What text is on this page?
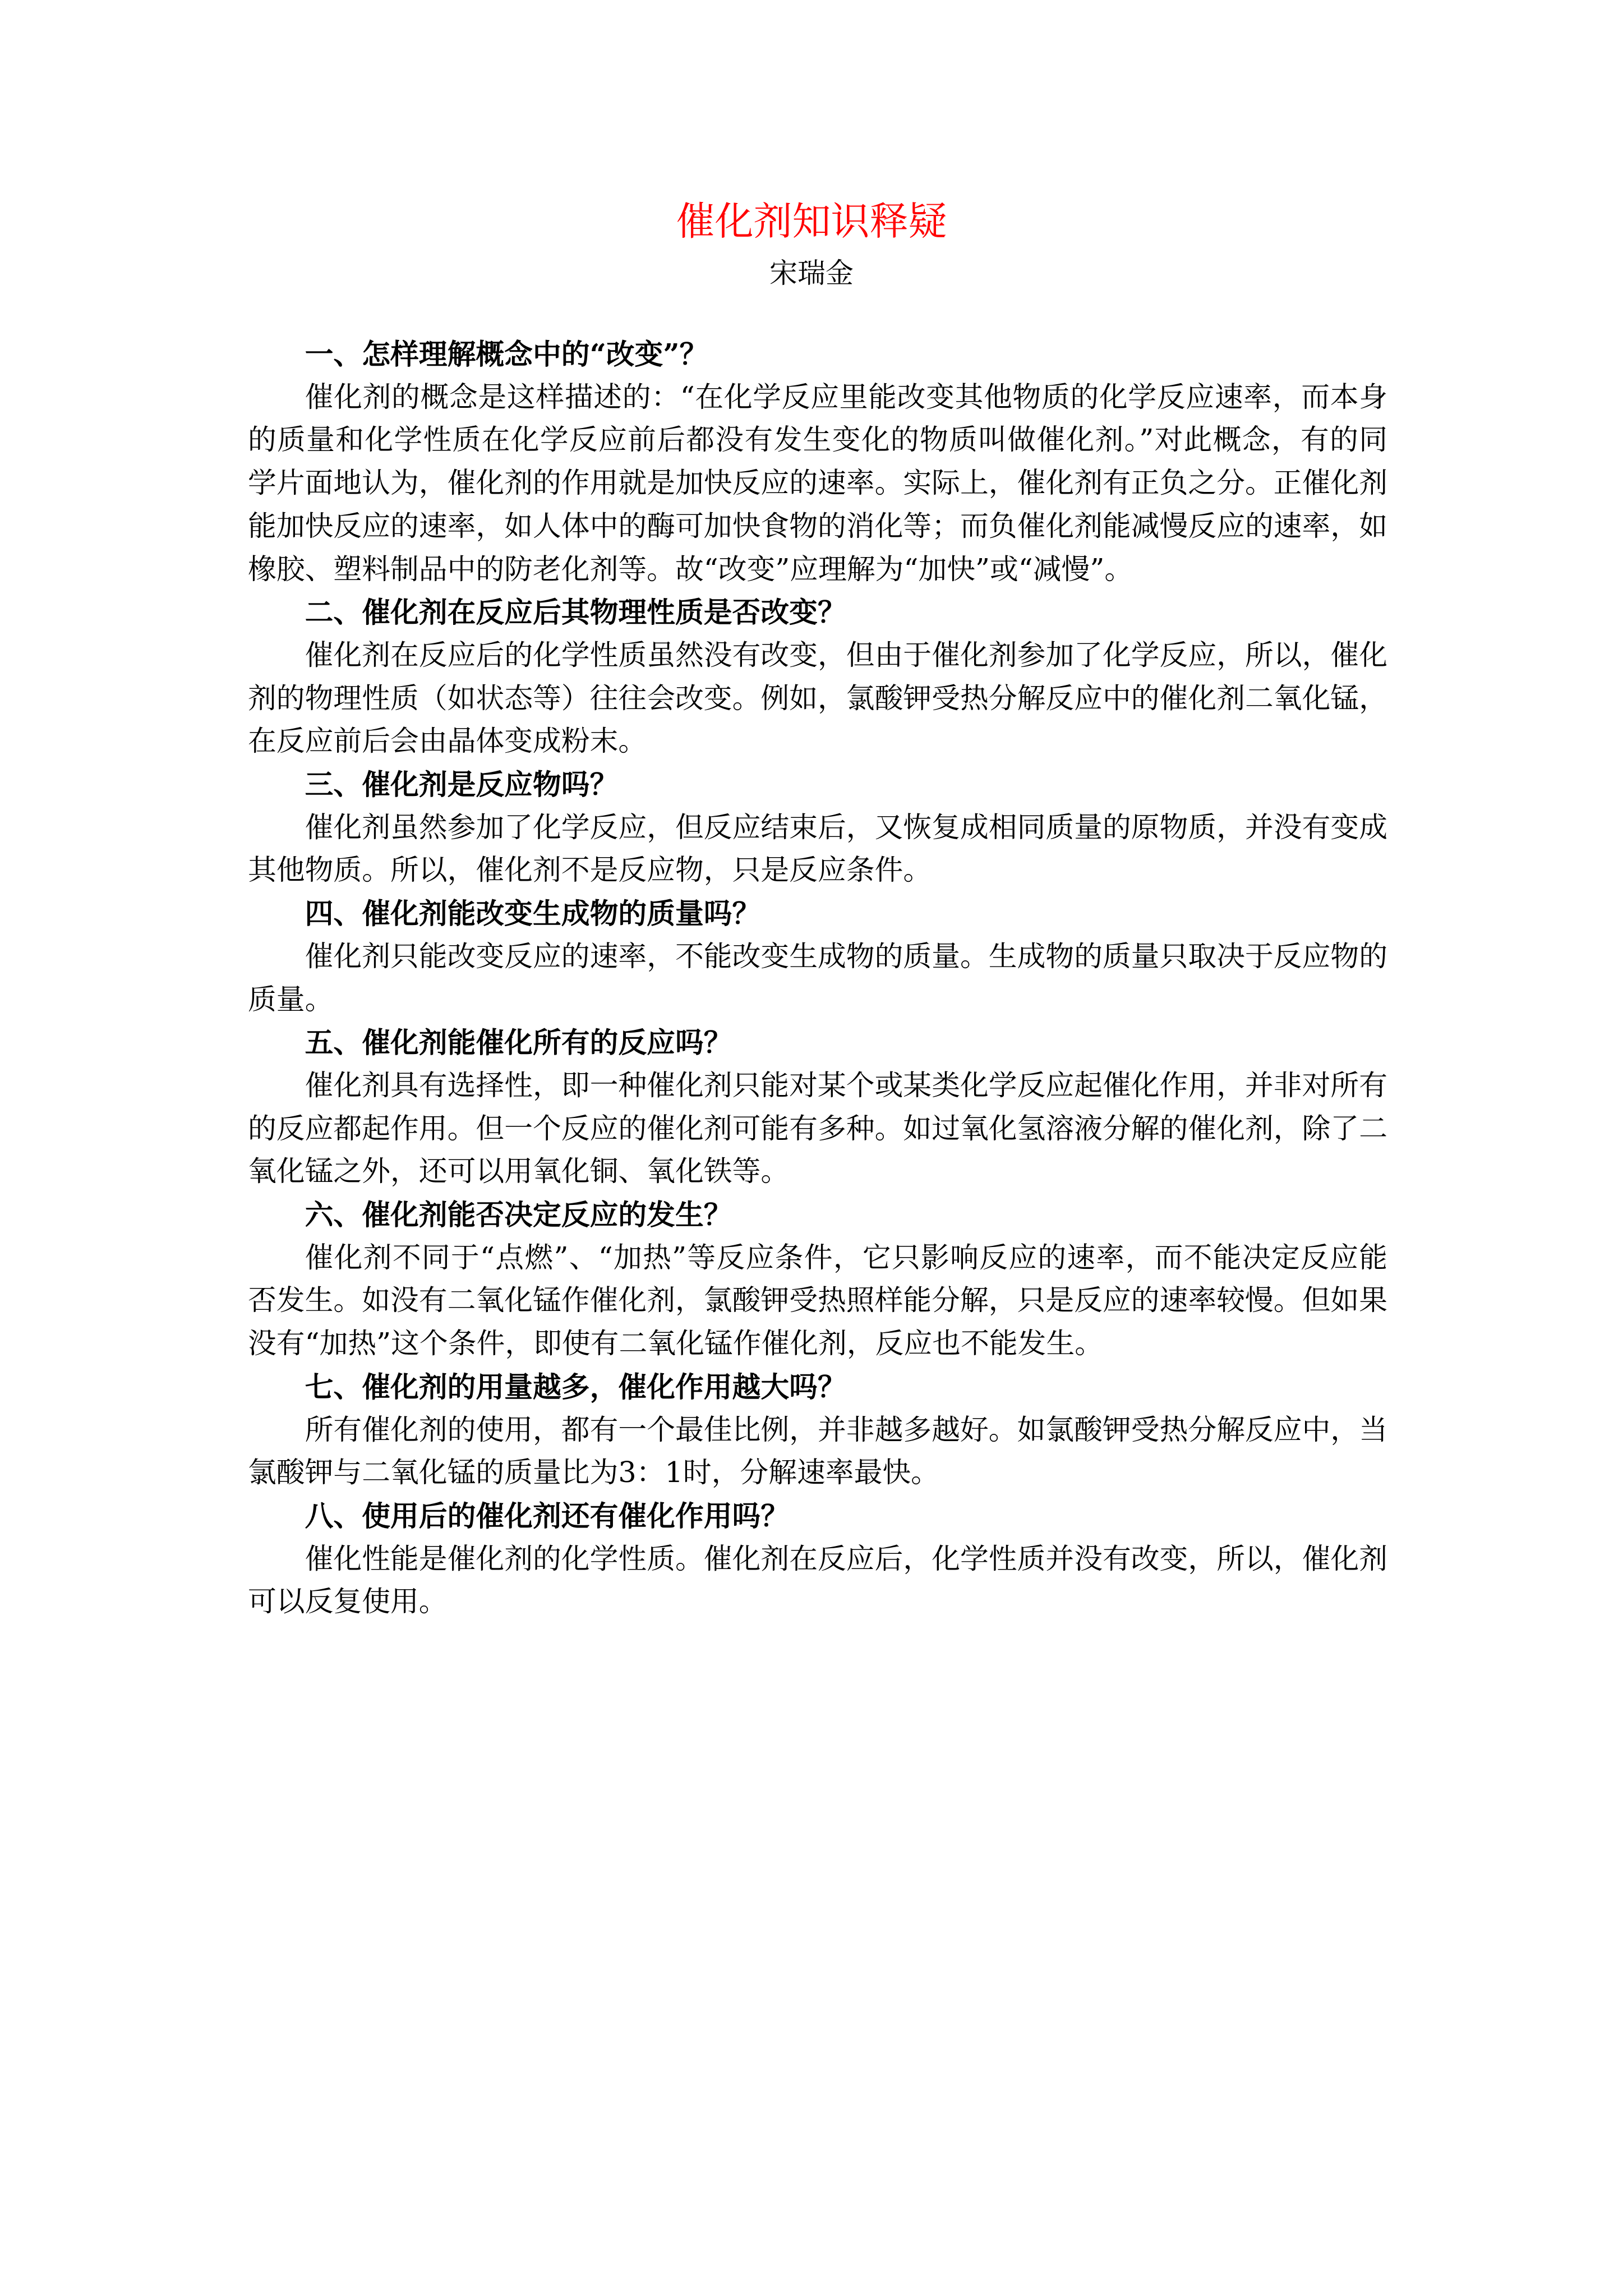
催化剂知识释疑
宋瑞金

一、怎样理解概念中的“改变”？

催化剂的概念是这样描述的：“在化学反应里能改变其他物质的化学反应速率，而本身的质量和化学性质在化学反应前后都没有发生变化的物质叫做催化剂。”对此概念，有的同学片面地认为，催化剂的作用就是加快反应的速率。实际上，催化剂有正负之分。正催化剂能加快反应的速率，如人体中的酶可加快食物的消化等；而负催化剂能减慢反应的速率，如橡胶、塑料制品中的防老化剂等。故“改变”应理解为“加快”或“减慢”。

二、催化剂在反应后其物理性质是否改变？

催化剂在反应后的化学性质虽然没有改变，但由于催化剂参加了化学反应，所以，催化剂的物理性质（如状态等）往往会改变。例如，氯酸钾受热分解反应中的催化剂二氧化锰，在反应前后会由晶体变成粉末。

三、催化剂是反应物吗？

催化剂虽然参加了化学反应，但反应结束后，又恢复成相同质量的原物质，并没有变成其他物质。所以，催化剂不是反应物，只是反应条件。

四、催化剂能改变生成物的质量吗？

催化剂只能改变反应的速率，不能改变生成物的质量。生成物的质量只取决于反应物的质量。

五、催化剂能催化所有的反应吗？

催化剂具有选择性，即一种催化剂只能对某个或某类化学反应起催化作用，并非对所有的反应都起作用。但一个反应的催化剂可能有多种。如过氧化氢溶液分解的催化剂，除了二氧化锰之外，还可以用氧化铜、氧化铁等。

六、催化剂能否决定反应的发生？

催化剂不同于“点燃”、“加热”等反应条件，它只影响反应的速率，而不能决定反应能否发生。如没有二氧化锰作催化剂，氯酸钾受热照样能分解，只是反应的速率较慢。但如果没有“加热”这个条件，即使有二氧化锰作催化剂，反应也不能发生。

七、催化剂的用量越多，催化作用越大吗？

所有催化剂的使用，都有一个最佳比例，并非越多越好。如氯酸钾受热分解反应中，当氯酸钾与二氧化锰的质量比为3：1时，分解速率最快。

八、使用后的催化剂还有催化作用吗？

催化性能是催化剂的化学性质。催化剂在反应后，化学性质并没有改变，所以，催化剂可以反复使用。
